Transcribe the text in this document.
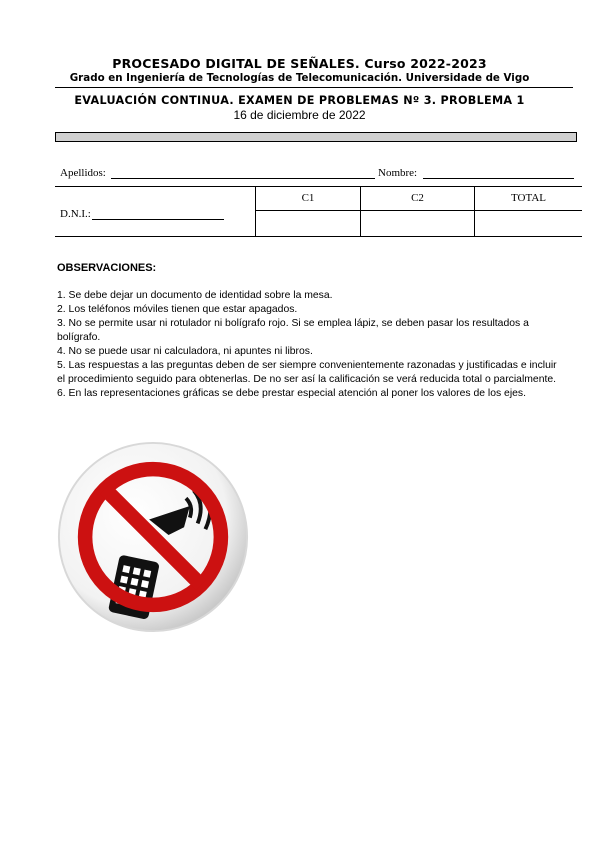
PROCESADO DIGITAL DE SEÑALES. Curso 2022-2023
Grado en Ingeniería de Tecnologías de Telecomunicación. Universidade de Vigo
EVALUACIÓN CONTINUA. EXAMEN DE PROBLEMAS Nº 3. PROBLEMA 1
16 de diciembre de 2022
Apellidos:	Nombre:
C1	C2	TOTAL
D.N.I.:
OBSERVACIONES:

1. Se debe dejar un documento de identidad sobre la mesa.

2. Los teléfonos móviles tienen que estar apagados.

3. No se permite usar ni rotulador ni bolígrafo rojo. Si se emplea lápiz, se deben pasar los resultados a bolígrafo.

4. No se puede usar ni calculadora, ni apuntes ni libros.

5. Las respuestas a las preguntas deben de ser siempre convenientemente razonadas y justificadas e incluir el procedimiento seguido para obtenerlas. De no ser así la calificación se verá reducida total o parcialmente.

6. En las representaciones gráficas se debe prestar especial atención al poner los valores de los ejes.
